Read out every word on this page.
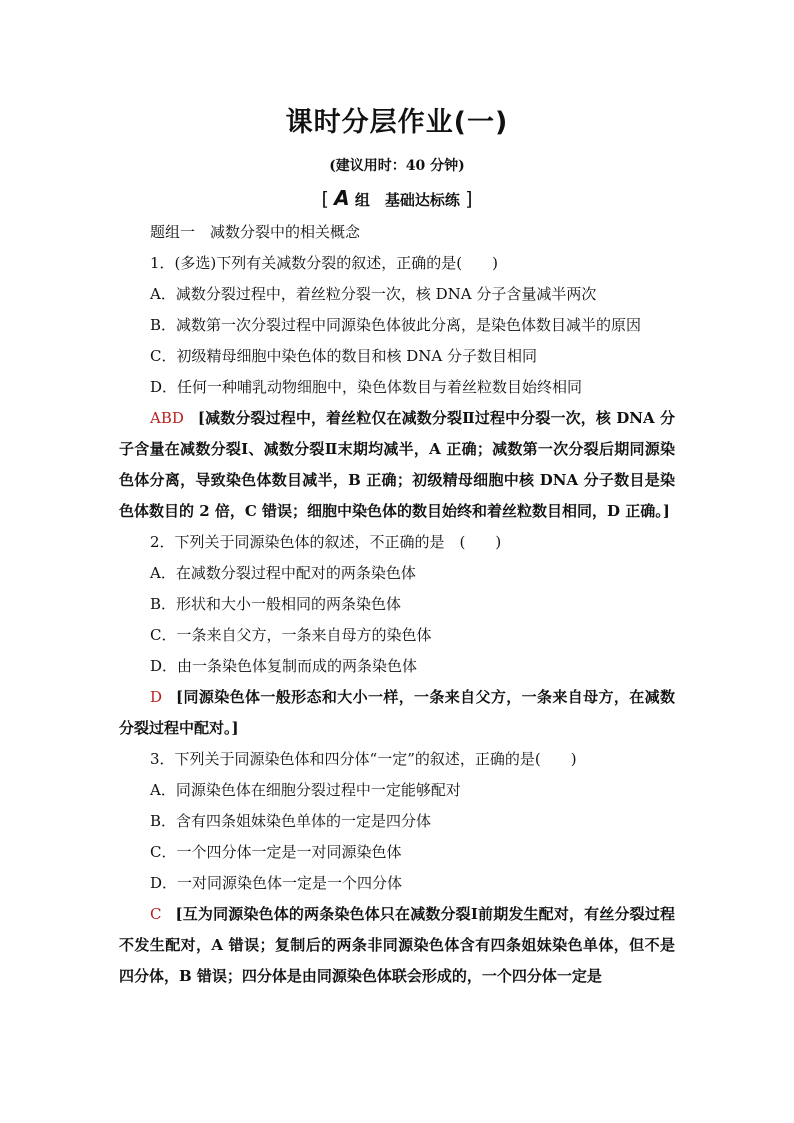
课时分层作业(一)
(建议用时：40 分钟)
[ A 组　基础达标练 ]
题组一　减数分裂中的相关概念
1．(多选)下列有关减数分裂的叙述，正确的是(　　)
A．减数分裂过程中，着丝粒分裂一次，核 DNA 分子含量减半两次
B．减数第一次分裂过程中同源染色体彼此分离，是染色体数目减半的原因
C．初级精母细胞中染色体的数目和核 DNA 分子数目相同
D．任何一种哺乳动物细胞中，染色体数目与着丝粒数目始终相同
ABD [减数分裂过程中，着丝粒仅在减数分裂Ⅱ过程中分裂一次，核 DNA 分子含量在减数分裂Ⅰ、减数分裂Ⅱ末期均减半，A 正确；减数第一次分裂后期同源染色体分离，导致染色体数目减半，B 正确；初级精母细胞中核 DNA 分子数目是染色体数目的 2 倍，C 错误；细胞中染色体的数目始终和着丝粒数目相同，D 正确。]
2．下列关于同源染色体的叙述，不正确的是　(　　)
A．在减数分裂过程中配对的两条染色体
B．形状和大小一般相同的两条染色体
C．一条来自父方，一条来自母方的染色体
D．由一条染色体复制而成的两条染色体
D [同源染色体一般形态和大小一样，一条来自父方，一条来自母方，在减数分裂过程中配对。]
3．下列关于同源染色体和四分体“一定”的叙述，正确的是(　　)
A．同源染色体在细胞分裂过程中一定能够配对
B．含有四条姐妹染色单体的一定是四分体
C．一个四分体一定是一对同源染色体
D．一对同源染色体一定是一个四分体
C [互为同源染色体的两条染色体只在减数分裂Ⅰ前期发生配对，有丝分裂过程不发生配对，A 错误；复制后的两条非同源染色体含有四条姐妹染色单体，但不是四分体，B 错误；四分体是由同源染色体联会形成的，一个四分体一定是
